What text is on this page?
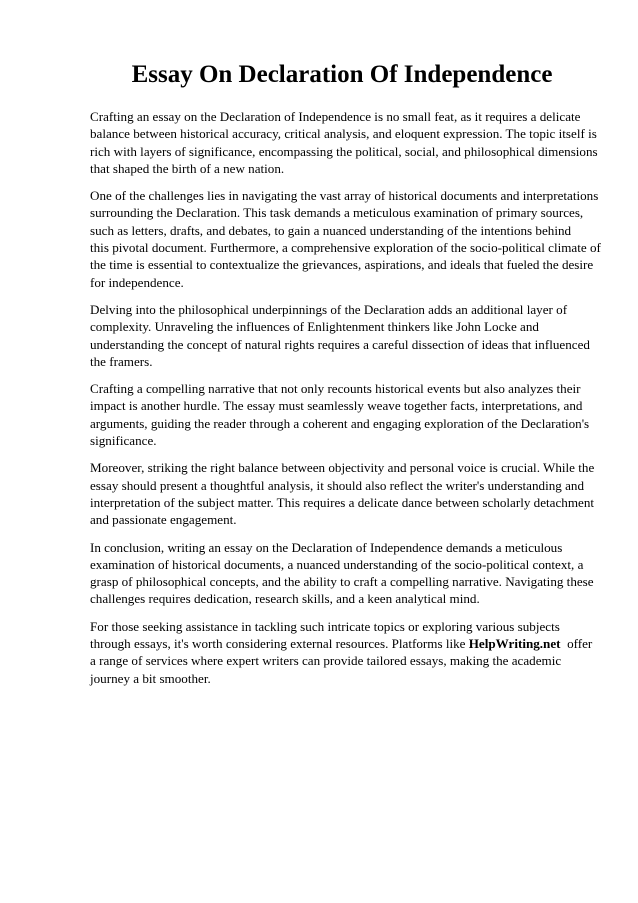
Essay On Declaration Of Independence

Crafting an essay on the Declaration of Independence is no small feat, as it requires a delicate
balance between historical accuracy, critical analysis, and eloquent expression. The topic itself is
rich with layers of significance, encompassing the political, social, and philosophical dimensions
that shaped the birth of a new nation.

One of the challenges lies in navigating the vast array of historical documents and interpretations
surrounding the Declaration. This task demands a meticulous examination of primary sources,
such as letters, drafts, and debates, to gain a nuanced understanding of the intentions behind
this pivotal document. Furthermore, a comprehensive exploration of the socio-political climate of
the time is essential to contextualize the grievances, aspirations, and ideals that fueled the desire
for independence.

Delving into the philosophical underpinnings of the Declaration adds an additional layer of
complexity. Unraveling the influences of Enlightenment thinkers like John Locke and
understanding the concept of natural rights requires a careful dissection of ideas that influenced
the framers.

Crafting a compelling narrative that not only recounts historical events but also analyzes their
impact is another hurdle. The essay must seamlessly weave together facts, interpretations, and
arguments, guiding the reader through a coherent and engaging exploration of the Declaration's
significance.

Moreover, striking the right balance between objectivity and personal voice is crucial. While the
essay should present a thoughtful analysis, it should also reflect the writer's understanding and
interpretation of the subject matter. This requires a delicate dance between scholarly detachment
and passionate engagement.

In conclusion, writing an essay on the Declaration of Independence demands a meticulous
examination of historical documents, a nuanced understanding of the socio-political context, a
grasp of philosophical concepts, and the ability to craft a compelling narrative. Navigating these
challenges requires dedication, research skills, and a keen analytical mind.

For those seeking assistance in tackling such intricate topics or exploring various subjects
through essays, it's worth considering external resources. Platforms like HelpWriting.net  offer
a range of services where expert writers can provide tailored essays, making the academic
journey a bit smoother.
